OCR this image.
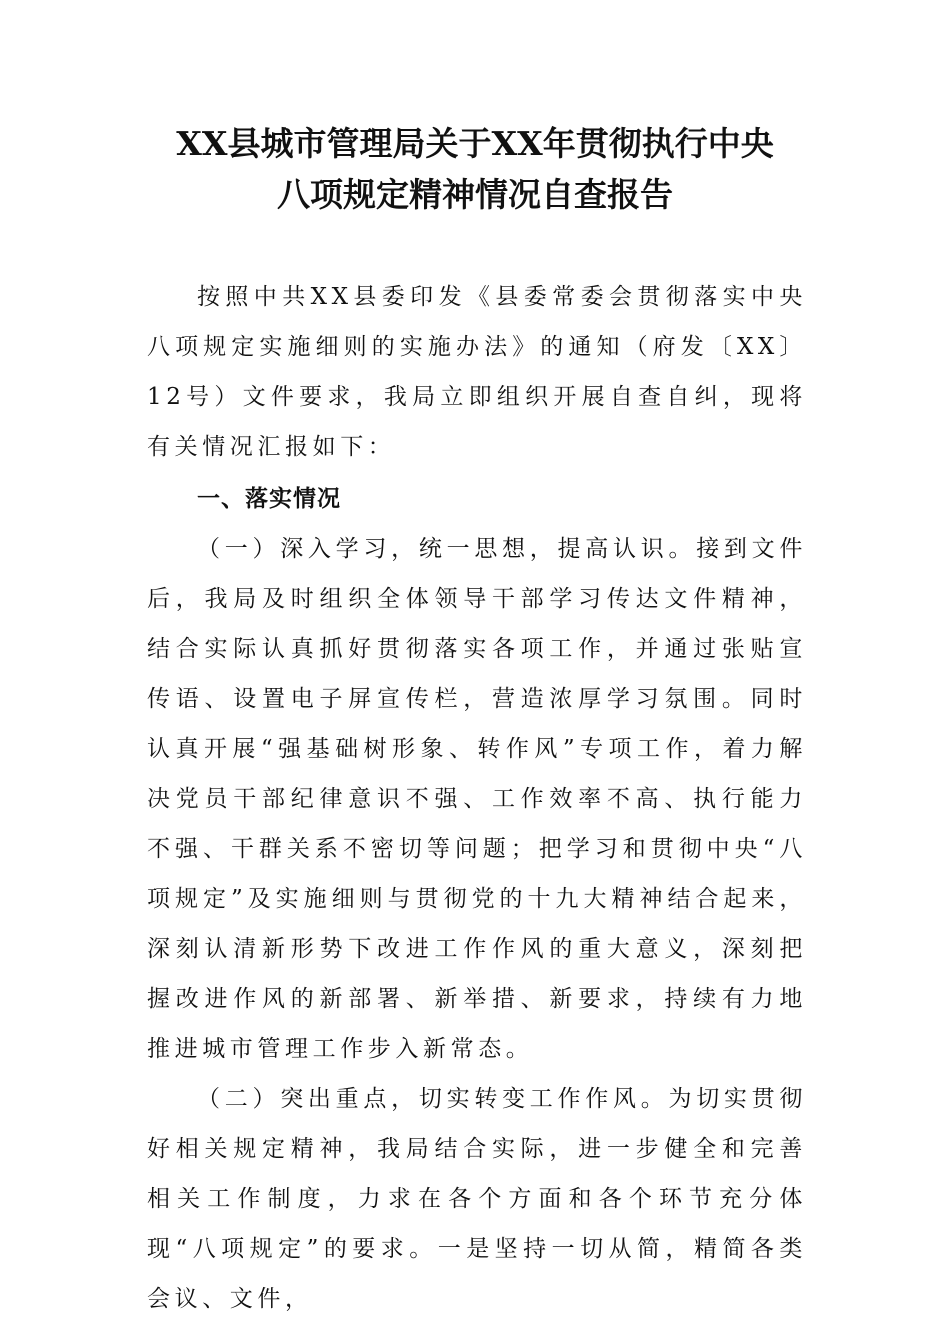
XX县城市管理局关于XX年贯彻执行中央
八项规定精神情况自查报告

按照中共XX县委印发《县委常委会贯彻落实中央八项规定实施细则的实施办法》的通知（府发〔XX〕12号）文件要求，我局立即组织开展自查自纠，现将有关情况汇报如下：

一、落实情况

（一）深入学习，统一思想，提高认识。接到文件后，我局及时组织全体领导干部学习传达文件精神，结合实际认真抓好贯彻落实各项工作，并通过张贴宣传语、设置电子屏宣传栏，营造浓厚学习氛围。同时认真开展“强基础树形象、转作风”专项工作，着力解决党员干部纪律意识不强、工作效率不高、执行能力不强、干群关系不密切等问题；把学习和贯彻中央“八项规定”及实施细则与贯彻党的十九大精神结合起来，深刻认清新形势下改进工作作风的重大意义，深刻把握改进作风的新部署、新举措、新要求，持续有力地推进城市管理工作步入新常态。

（二）突出重点，切实转变工作作风。为切实贯彻好相关规定精神，我局结合实际，进一步健全和完善相关工作制度，力求在各个方面和各个环节充分体现“八项规定”的要求。一是坚持一切从简，精简各类会议、文件，
